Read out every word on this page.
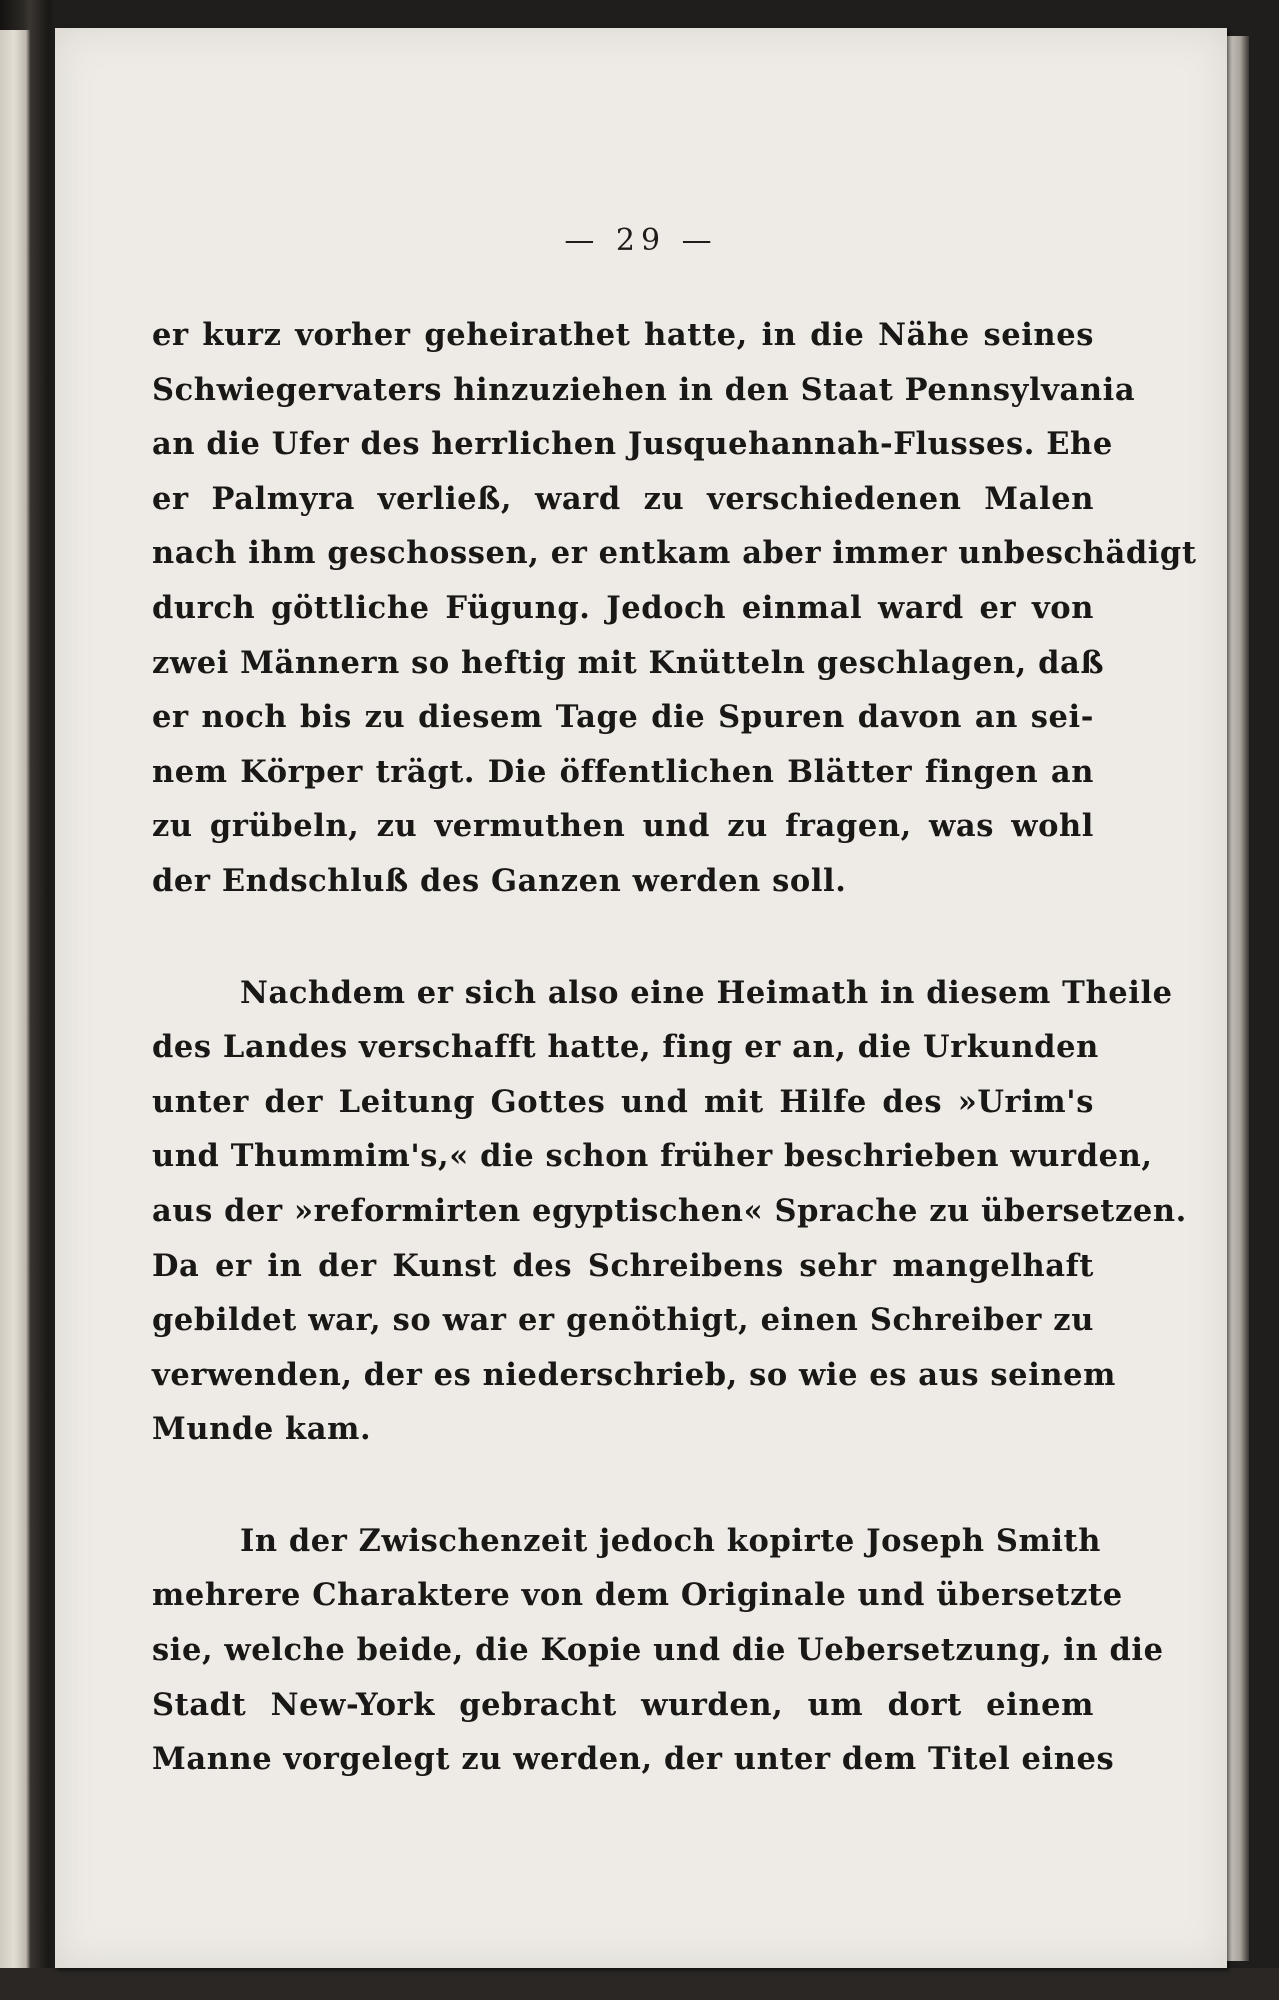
— 29 —
er kurz vorher geheirathet hatte, in die Nähe seines
Schwiegervaters hinzuziehen in den Staat Pennsylvania
an die Ufer des herrlichen Jusquehannah-Flusses. Ehe
er Palmyra verließ, ward zu verschiedenen Malen
nach ihm geschossen, er entkam aber immer unbeschädigt
durch göttliche Fügung. Jedoch einmal ward er von
zwei Männern so heftig mit Knütteln geschlagen, daß
er noch bis zu diesem Tage die Spuren davon an sei-
nem Körper trägt. Die öffentlichen Blätter fingen an
zu grübeln, zu vermuthen und zu fragen, was wohl
der Endschluß des Ganzen werden soll.
Nachdem er sich also eine Heimath in diesem Theile
des Landes verschafft hatte, fing er an, die Urkunden
unter der Leitung Gottes und mit Hilfe des »Urim's
und Thummim's,« die schon früher beschrieben wurden,
aus der »reformirten egyptischen« Sprache zu übersetzen.
Da er in der Kunst des Schreibens sehr mangelhaft
gebildet war, so war er genöthigt, einen Schreiber zu
verwenden, der es niederschrieb, so wie es aus seinem
Munde kam.
In der Zwischenzeit jedoch kopirte Joseph Smith
mehrere Charaktere von dem Originale und übersetzte
sie, welche beide, die Kopie und die Uebersetzung, in die
Stadt New-York gebracht wurden, um dort einem
Manne vorgelegt zu werden, der unter dem Titel eines
